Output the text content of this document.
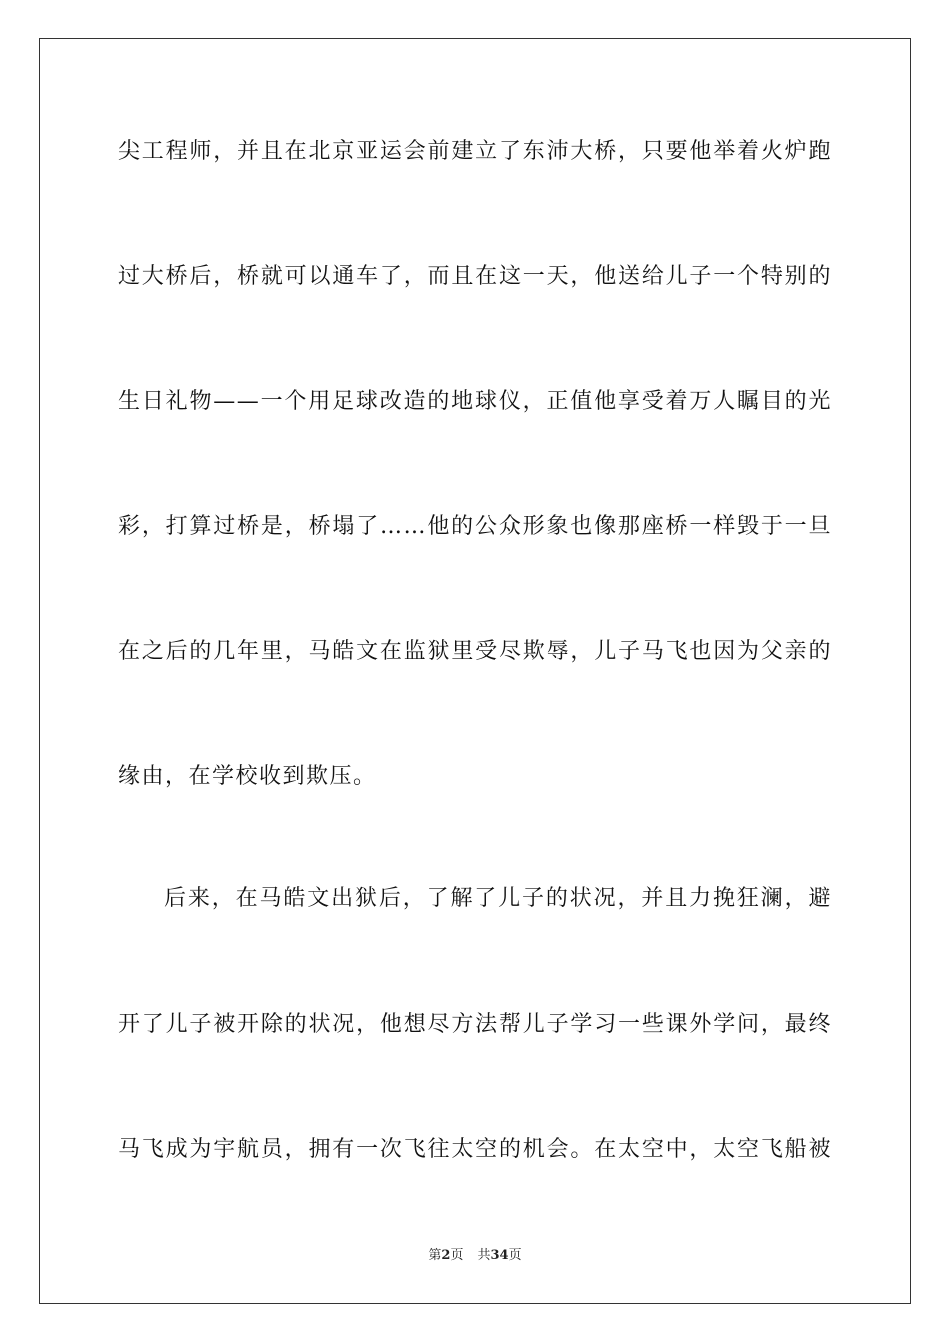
尖工程师，并且在北京亚运会前建立了东沛大桥，只要他举着火炉跑
过大桥后，桥就可以通车了，而且在这一天，他送给儿子一个特别的
生日礼物——一个用足球改造的地球仪，正值他享受着万人瞩目的光
彩，打算过桥是，桥塌了……他的公众形象也像那座桥一样毁于一旦
在之后的几年里，马皓文在监狱里受尽欺辱，儿子马飞也因为父亲的
缘由，在学校收到欺压。
后来，在马皓文出狱后，了解了儿子的状况，并且力挽狂澜，避
开了儿子被开除的状况，他想尽方法帮儿子学习一些课外学问，最终
马飞成为宇航员，拥有一次飞往太空的机会。在太空中，太空飞船被
第2页 共34页
